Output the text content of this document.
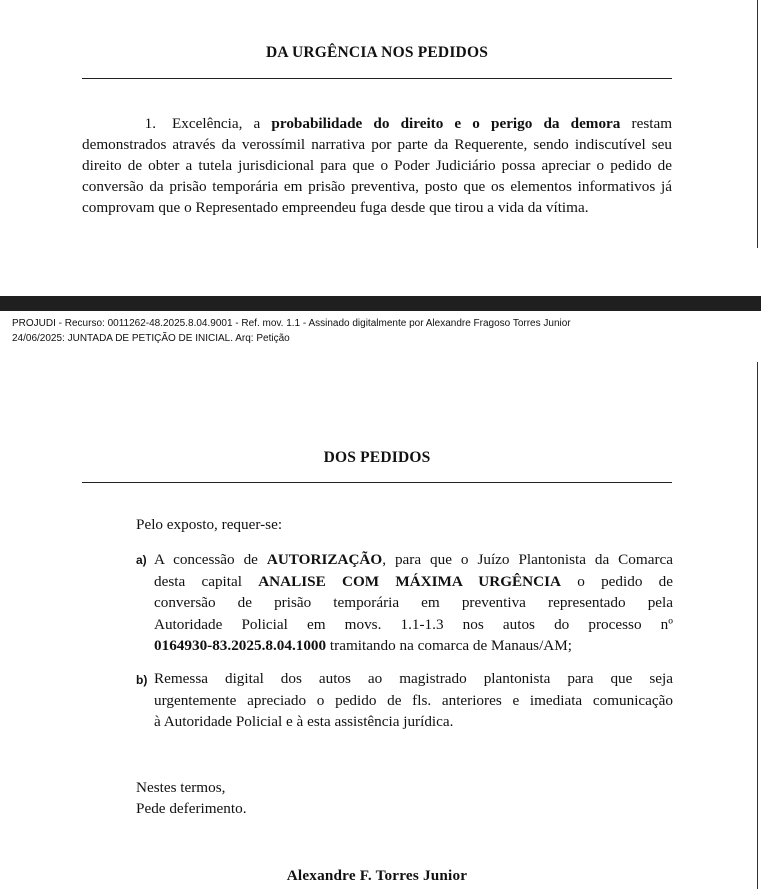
DA URGÊNCIA NOS PEDIDOS
1. Excelência, a probabilidade do direito e o perigo da demora restam demonstrados através da verossímil narrativa por parte da Requerente, sendo indiscutível seu direito de obter a tutela jurisdicional para que o Poder Judiciário possa apreciar o pedido de conversão da prisão temporária em prisão preventiva, posto que os elementos informativos já comprovam que o Representado empreendeu fuga desde que tirou a vida da vítima.
PROJUDI - Recurso: 0011262-48.2025.8.04.9001 - Ref. mov. 1.1 - Assinado digitalmente por Alexandre Fragoso Torres Junior
24/06/2025: JUNTADA DE PETIÇÃO DE INICIAL. Arq: Petição
DOS PEDIDOS
Pelo exposto, requer-se:
a) A concessão de AUTORIZAÇÃO, para que o Juízo Plantonista da Comarca
desta capital ANALISE COM MÁXIMA URGÊNCIA o pedido de
conversão de prisão temporária em preventiva representado pela
Autoridade Policial em movs. 1.1-1.3 nos autos do processo nº
0164930-83.2025.8.04.1000 tramitando na comarca de Manaus/AM;
b) Remessa digital dos autos ao magistrado plantonista para que seja
urgentemente apreciado o pedido de fls. anteriores e imediata comunicação
à Autoridade Policial e à esta assistência jurídica.
Nestes termos,
Pede deferimento.
Alexandre F. Torres Junior
